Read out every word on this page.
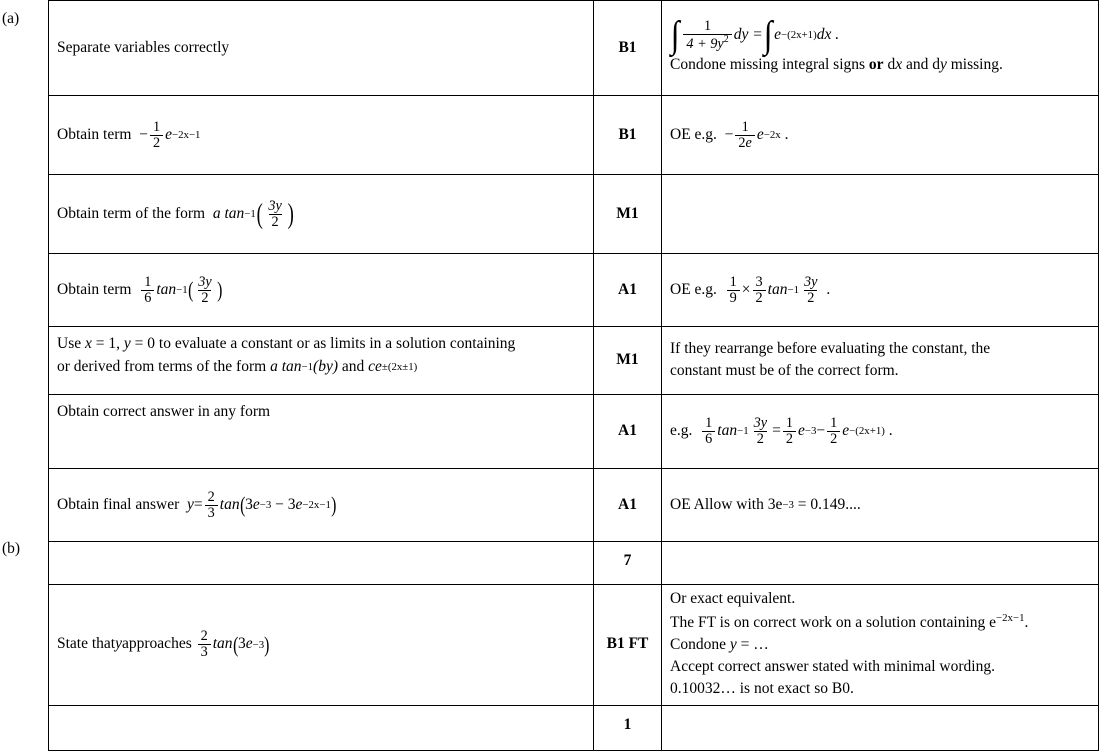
(a)
(b)
Separate variables correctly	B1	∫ $\frac{1}{4 + 9y^2}$ dy = ∫ e −(2x+1) dx .
Condone missing integral signs or dx and dy missing.

Obtain term
− $\frac{1}{2}$ e −2x−1	B1	OE e.g.
− $\frac{1}{2e}$ e −2x .

Obtain term of the form
a tan −1 ( $\frac{3y}{2}$ )	M1	

Obtain term
$\frac{1}{6}$ tan −1 ( $\frac{3y}{2}$ )	A1	OE e.g.
$\frac{1}{9} \times \frac{3}{2}$ $\tan -1 \frac{3y}{2}$ .

Use x = 1, y = 0 to evaluate a constant or as limits in a solution containing
or derived from terms of the form
a tan −1 (by)
and
ce ±(2x±1)	M1	
If they rearrange before evaluating the constant, the
constant must be of the correct form.

Obtain correct answer in any form	A1	e.g.
$\frac{1}{6}$ $\tan -1 \frac{3y}{2} = \frac{1}{2}$ $e -3 - \frac{1}{2}$ e −(2x+1) .

Obtain final answer
$y = \frac{2}{3}$ tan ( 3 e −3 − 3 e −2x−1 )	A1	OE Allow with 3e −3
= 0.149....

	7	
State that y approaches $\frac{2}{3}$ tan ( 3 e −3 )	B1 FT	
Or exact equivalent.
The FT is on correct work on a solution containing $e^{-2x-1}$.
Condone y = …
Accept correct answer stated with minimal wording.
0.10032… is not exact so B0.

	1	
